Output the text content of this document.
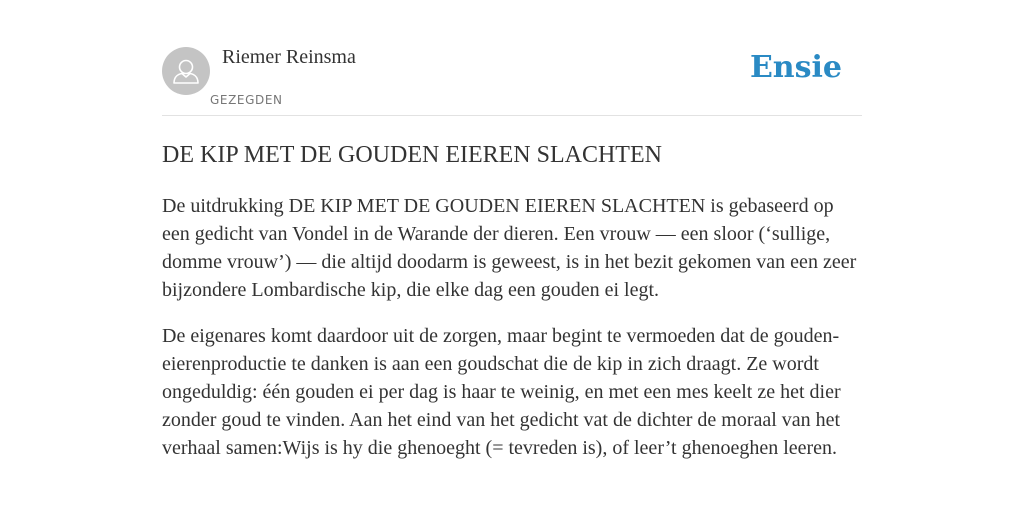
Riemer Reinsma
GEZEGDEN
Ensie
DE KIP MET DE GOUDEN EIEREN SLACHTEN

De uitdrukking DE KIP MET DE GOUDEN EIEREN SLACHTEN is gebaseerd op een gedicht van Vondel in de Warande der dieren. Een vrouw — een sloor (‘sullige, domme vrouw’) — die altijd doodarm is geweest, is in het bezit gekomen van een zeer bijzondere Lombardische kip, die elke dag een gouden ei legt.

De eigenares komt daardoor uit de zorgen, maar begint te vermoeden dat de gouden-eierenproductie te danken is aan een goudschat die de kip in zich draagt. Ze wordt ongeduldig: één gouden ei per dag is haar te weinig, en met een mes keelt ze het dier zonder goud te vinden. Aan het eind van het gedicht vat de dichter de moraal van het verhaal samen:Wijs is hy die ghenoeght (= tevreden is), of leer’t ghenoeghen leeren.
